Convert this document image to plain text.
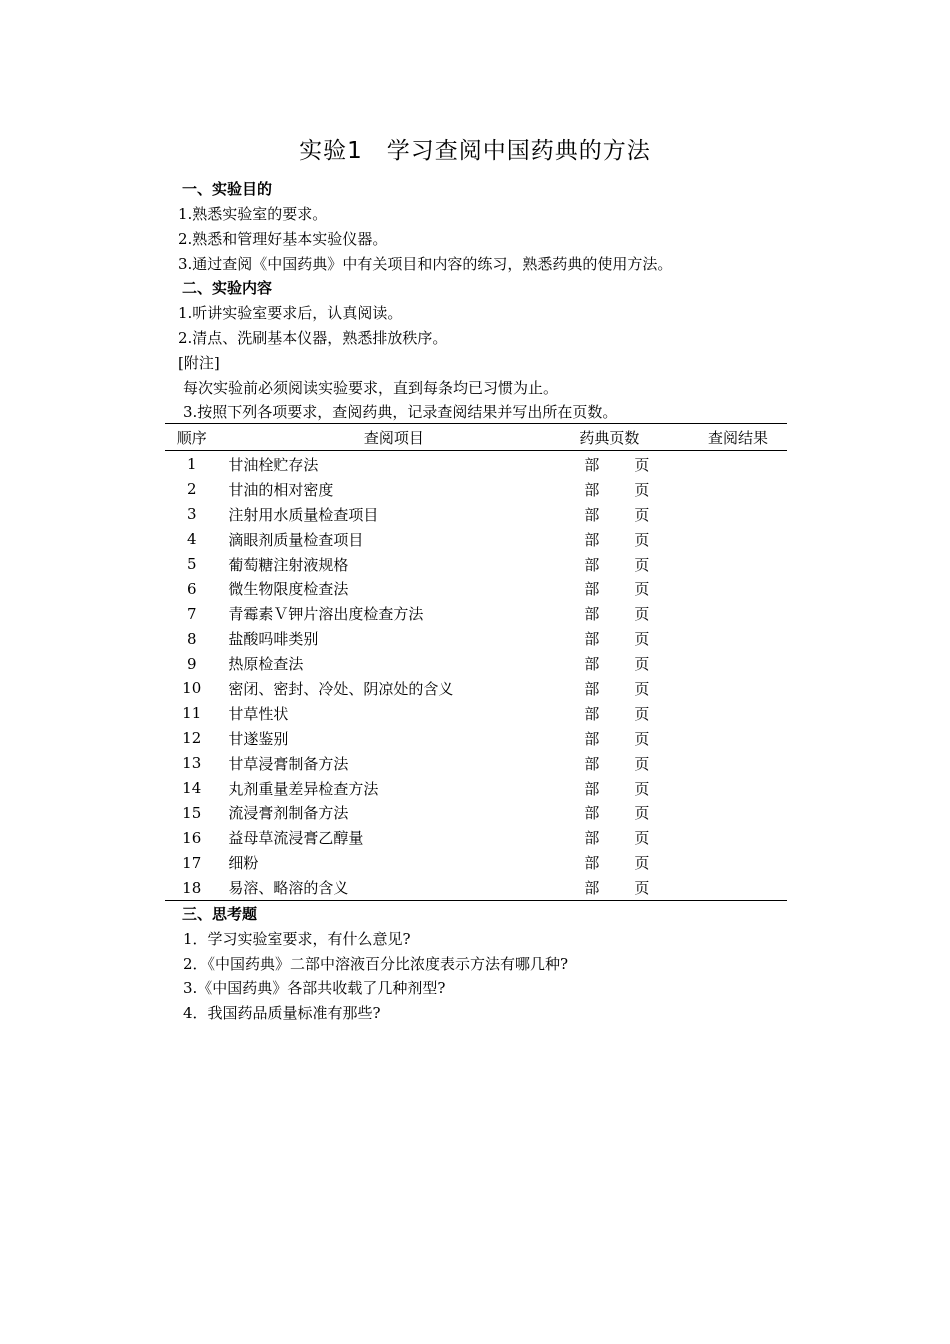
实验1　学习查阅中国药典的方法
一、实验目的
1.熟悉实验室的要求。
2.熟悉和管理好基本实验仪器。
3.通过查阅《中国药典》中有关项目和内容的练习，熟悉药典的使用方法。
二、实验内容
1.听讲实验室要求后，认真阅读。
2.清点、洗刷基本仪器，熟悉排放秩序。
[附注]
每次实验前必须阅读实验要求，直到每条均已习惯为止。
3.按照下列各项要求，查阅药典，记录查阅结果并写出所在页数。
顺序	查阅项目	药典页数	查阅结果
1	甘油栓贮存法	部 页	
2	甘油的相对密度	部 页	
3	注射用水质量检查项目	部 页	
4	滴眼剂质量检查项目	部 页	
5	葡萄糖注射液规格	部 页	
6	微生物限度检查法	部 页	
7	青霉素Ｖ钾片溶出度检查方法	部 页	
8	盐酸吗啡类别	部 页	
9	热原检查法	部 页	
10	密闭、密封、冷处、阴凉处的含义	部 页	
11	甘草性状	部 页	
12	甘遂鉴别	部 页	
13	甘草浸膏制备方法	部 页	
14	丸剂重量差异检查方法	部 页	
15	流浸膏剂制备方法	部 页	
16	益母草流浸膏乙醇量	部 页	
17	细粉	部 页	
18	易溶、略溶的含义	部 页	
三、思考题
1．学习实验室要求，有什么意见?
2．《中国药典》二部中溶液百分比浓度表示方法有哪几种?
3.《中国药典》各部共收载了几种剂型?
4．我国药品质量标准有那些?
